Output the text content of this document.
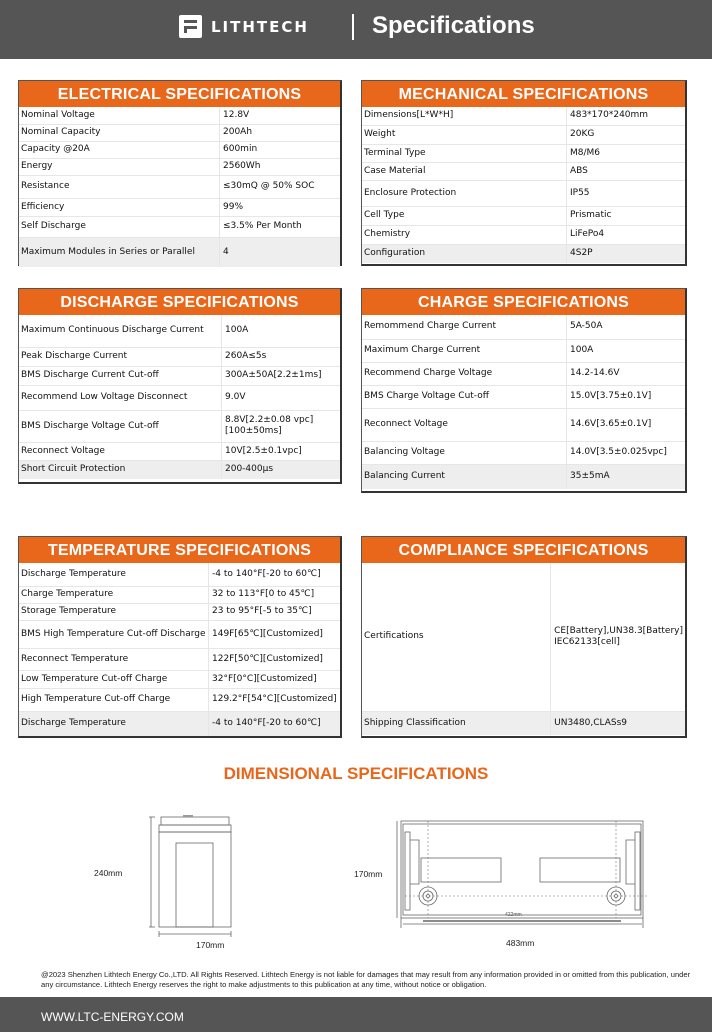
LITHTECH	Specifications
ELECTRICAL SPECIFICATIONS
Nominal Voltage	12.8V
Nominal Capacity	200Ah
Capacity @20A	600min
Energy	2560Wh
Resistance	≤30mQ @ 50% SOC
Efficiency	99%
Self Discharge	≤3.5% Per Month
Maximum Modules in Series or Parallel	4
MECHANICAL SPECIFICATIONS
Dimensions[L*W*H]	483*170*240mm
Weight	20KG
Terminal Type	M8/M6
Case Material	ABS
Enclosure Protection	IP55
Cell Type	Prismatic
Chemistry	LiFePo4
Configuration	4S2P
DISCHARGE SPECIFICATIONS
Maximum Continuous Discharge Current	100A
Peak Discharge Current	260A≤5s
BMS Discharge Current Cut-off	300A±50A[2.2±1ms]
Recommend Low Voltage Disconnect	9.0V
BMS Discharge Voltage Cut-off	8.8V[2.2±0.08 vpc][100±50ms]
Reconnect Voltage	10V[2.5±0.1vpc]
Short Circuit Protection	200-400μs
CHARGE SPECIFICATIONS
Remommend Charge Current	5A-50A
Maximum Charge Current	100A
Recommend Charge Voltage	14.2-14.6V
BMS Charge Voltage Cut-off	15.0V[3.75±0.1V]
Reconnect Voltage	14.6V[3.65±0.1V]
Balancing Voltage	14.0V[3.5±0.025vpc]
Balancing Current	35±5mA
TEMPERATURE SPECIFICATIONS
Discharge Temperature	-4 to 140°F[-20 to 60℃]
Charge Temperature	32 to 113°F[0 to 45℃]
Storage Temperature	23 to 95°F[-5 to 35℃]
BMS High Temperature Cut-off Discharge	149F[65℃][Customized]
Reconnect Temperature	122F[50℃][Customized]
Low Temperature Cut-off Charge	32°F[0°C][Customized]
High Temperature Cut-off Charge	129.2°F[54°C][Customized]
Discharge Temperature	-4 to 140°F[-20 to 60℃]
COMPLIANCE SPECIFICATIONS
Certifications	CE[Battery],UN38.3[Battery] IEC62133[cell]
Shipping Classification	UN3480,CLASs9
DIMENSIONAL SPECIFICATIONS
240mm
170mm
170mm
483mm
422mm
@2023 Shenzhen Lithtech Energy Co.,LTD. All Rights Reserved. Lithtech Energy is not liable for damages that may result from any information provided in or omitted from this publication, under any circumstance. Lithtech Energy reserves the right to make adjustments to this publication at any time, without notice or obligation.
WWW.LTC-ENERGY.COM
